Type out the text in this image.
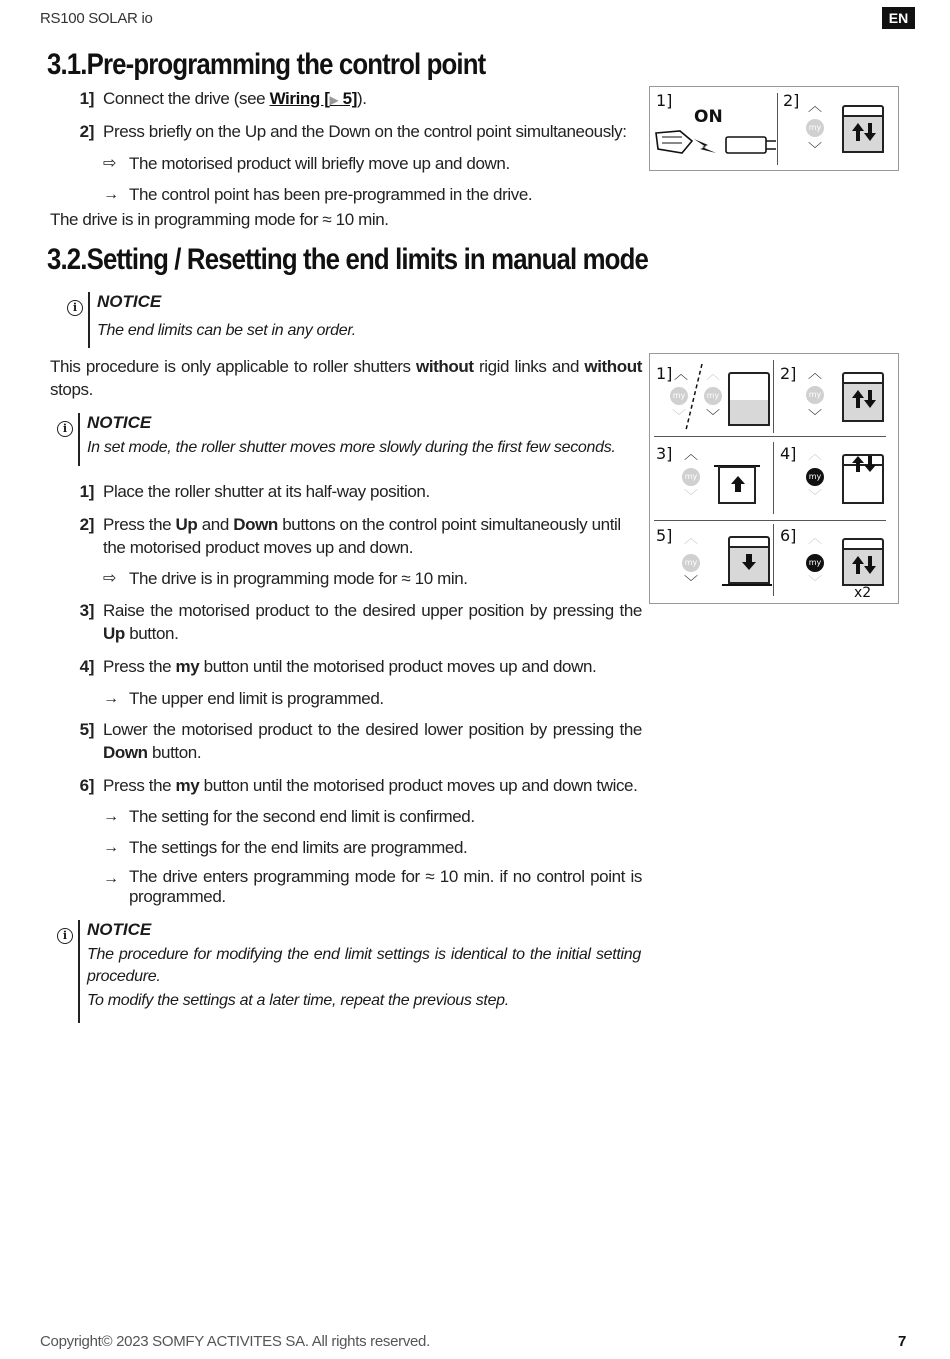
RS100 SOLAR io	EN
3.1.Pre-programming the control point
1] Connect the drive (see Wiring [▶ 5]).
2] Press briefly on the Up and the Down on the control point simultaneously:
⇨ The motorised product will briefly move up and down.
→ The control point has been pre-programmed in the drive.
The drive is in programming mode for ≈ 10 min.
1]
ON
2] ︿
my
﹀
3.2.Setting / Resetting the end limits in manual mode
i	NOTICE
The end limits can be set in any order.
This procedure is only applicable to roller shutters without rigid links and without stops.
i	NOTICE
In set mode, the roller shutter moves more slowly during the first few seconds.
1] Place the roller shutter at its half-way position.
2] Press the Up and Down buttons on the control point simultaneously until the motorised product moves up and down.
⇨ The drive is in programming mode for ≈ 10 min.
3] Raise the motorised product to the desired upper position by pressing the Up button.
4] Press the my button until the motorised product moves up and down.
→ The upper end limit is programmed.
5] Lower the motorised product to the desired lower position by pressing the Down button.
6] Press the my button until the motorised product moves up and down twice.
→ The setting for the second end limit is confirmed.
→ The settings for the end limits are programmed.
→ The drive enters programming mode for ≈ 10 min. if no control point is programmed.
i	NOTICE
The procedure for modifying the end limit settings is identical to the initial setting procedure.
To modify the settings at a later time, repeat the previous step.
1] ︿ ︿
my	my
﹀ ﹀
2] ︿
my
﹀
3] ︿
my
﹀
4] ︿
my
﹀
5] ︿
my
﹀
6] ︿
my
﹀
x2
Copyright© 2023 SOMFY ACTIVITES SA. All rights reserved.	7
